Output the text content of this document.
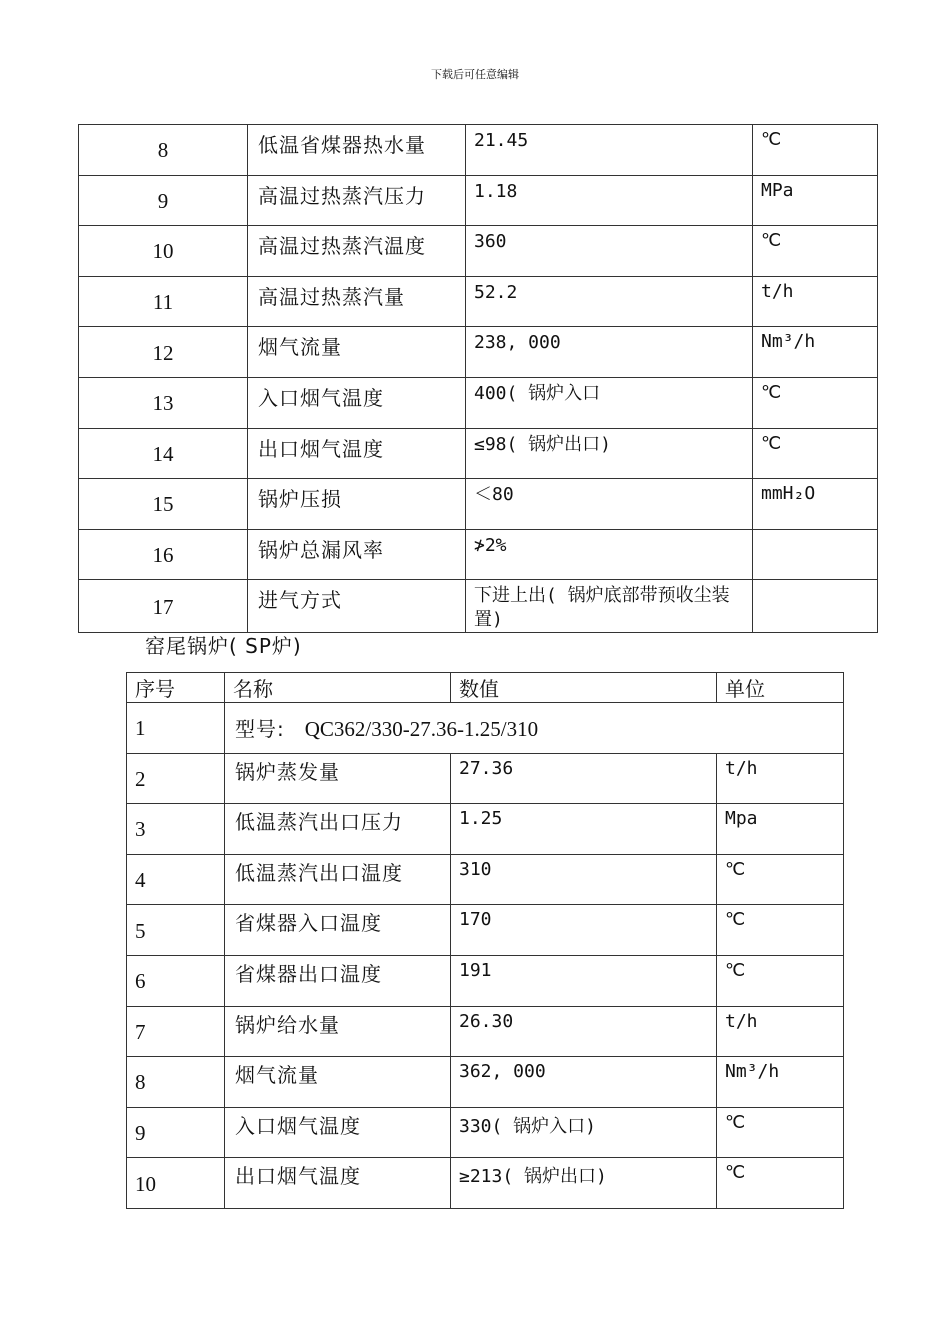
下载后可任意编辑
8	低温省煤器热水量	21.45	℃
9	高温过热蒸汽压力	1.18	MPa
10	高温过热蒸汽温度	360	℃
11	高温过热蒸汽量	52.2	t/h
12	烟气流量	238, 000	Nm³/h
13	入口烟气温度	400( 锅炉入口	℃
14	出口烟气温度	≤98( 锅炉出口)	℃
15	锅炉压损	＜80	mmH₂O
16	锅炉总漏风率	≯2%	
17	进气方式	下进上出( 锅炉底部带预收尘装置)	
窑尾锅炉( SP炉)
序号	名称	数值	单位
1	型号: QC362/330-27.36-1.25/310		
2	锅炉蒸发量	27.36	t/h
3	低温蒸汽出口压力	1.25	Mpa
4	低温蒸汽出口温度	310	℃
5	省煤器入口温度	170	℃
6	省煤器出口温度	191	℃
7	锅炉给水量	26.30	t/h
8	烟气流量	362, 000	Nm³/h
9	入口烟气温度	330( 锅炉入口)	℃
10	出口烟气温度	≥213( 锅炉出口)	℃
